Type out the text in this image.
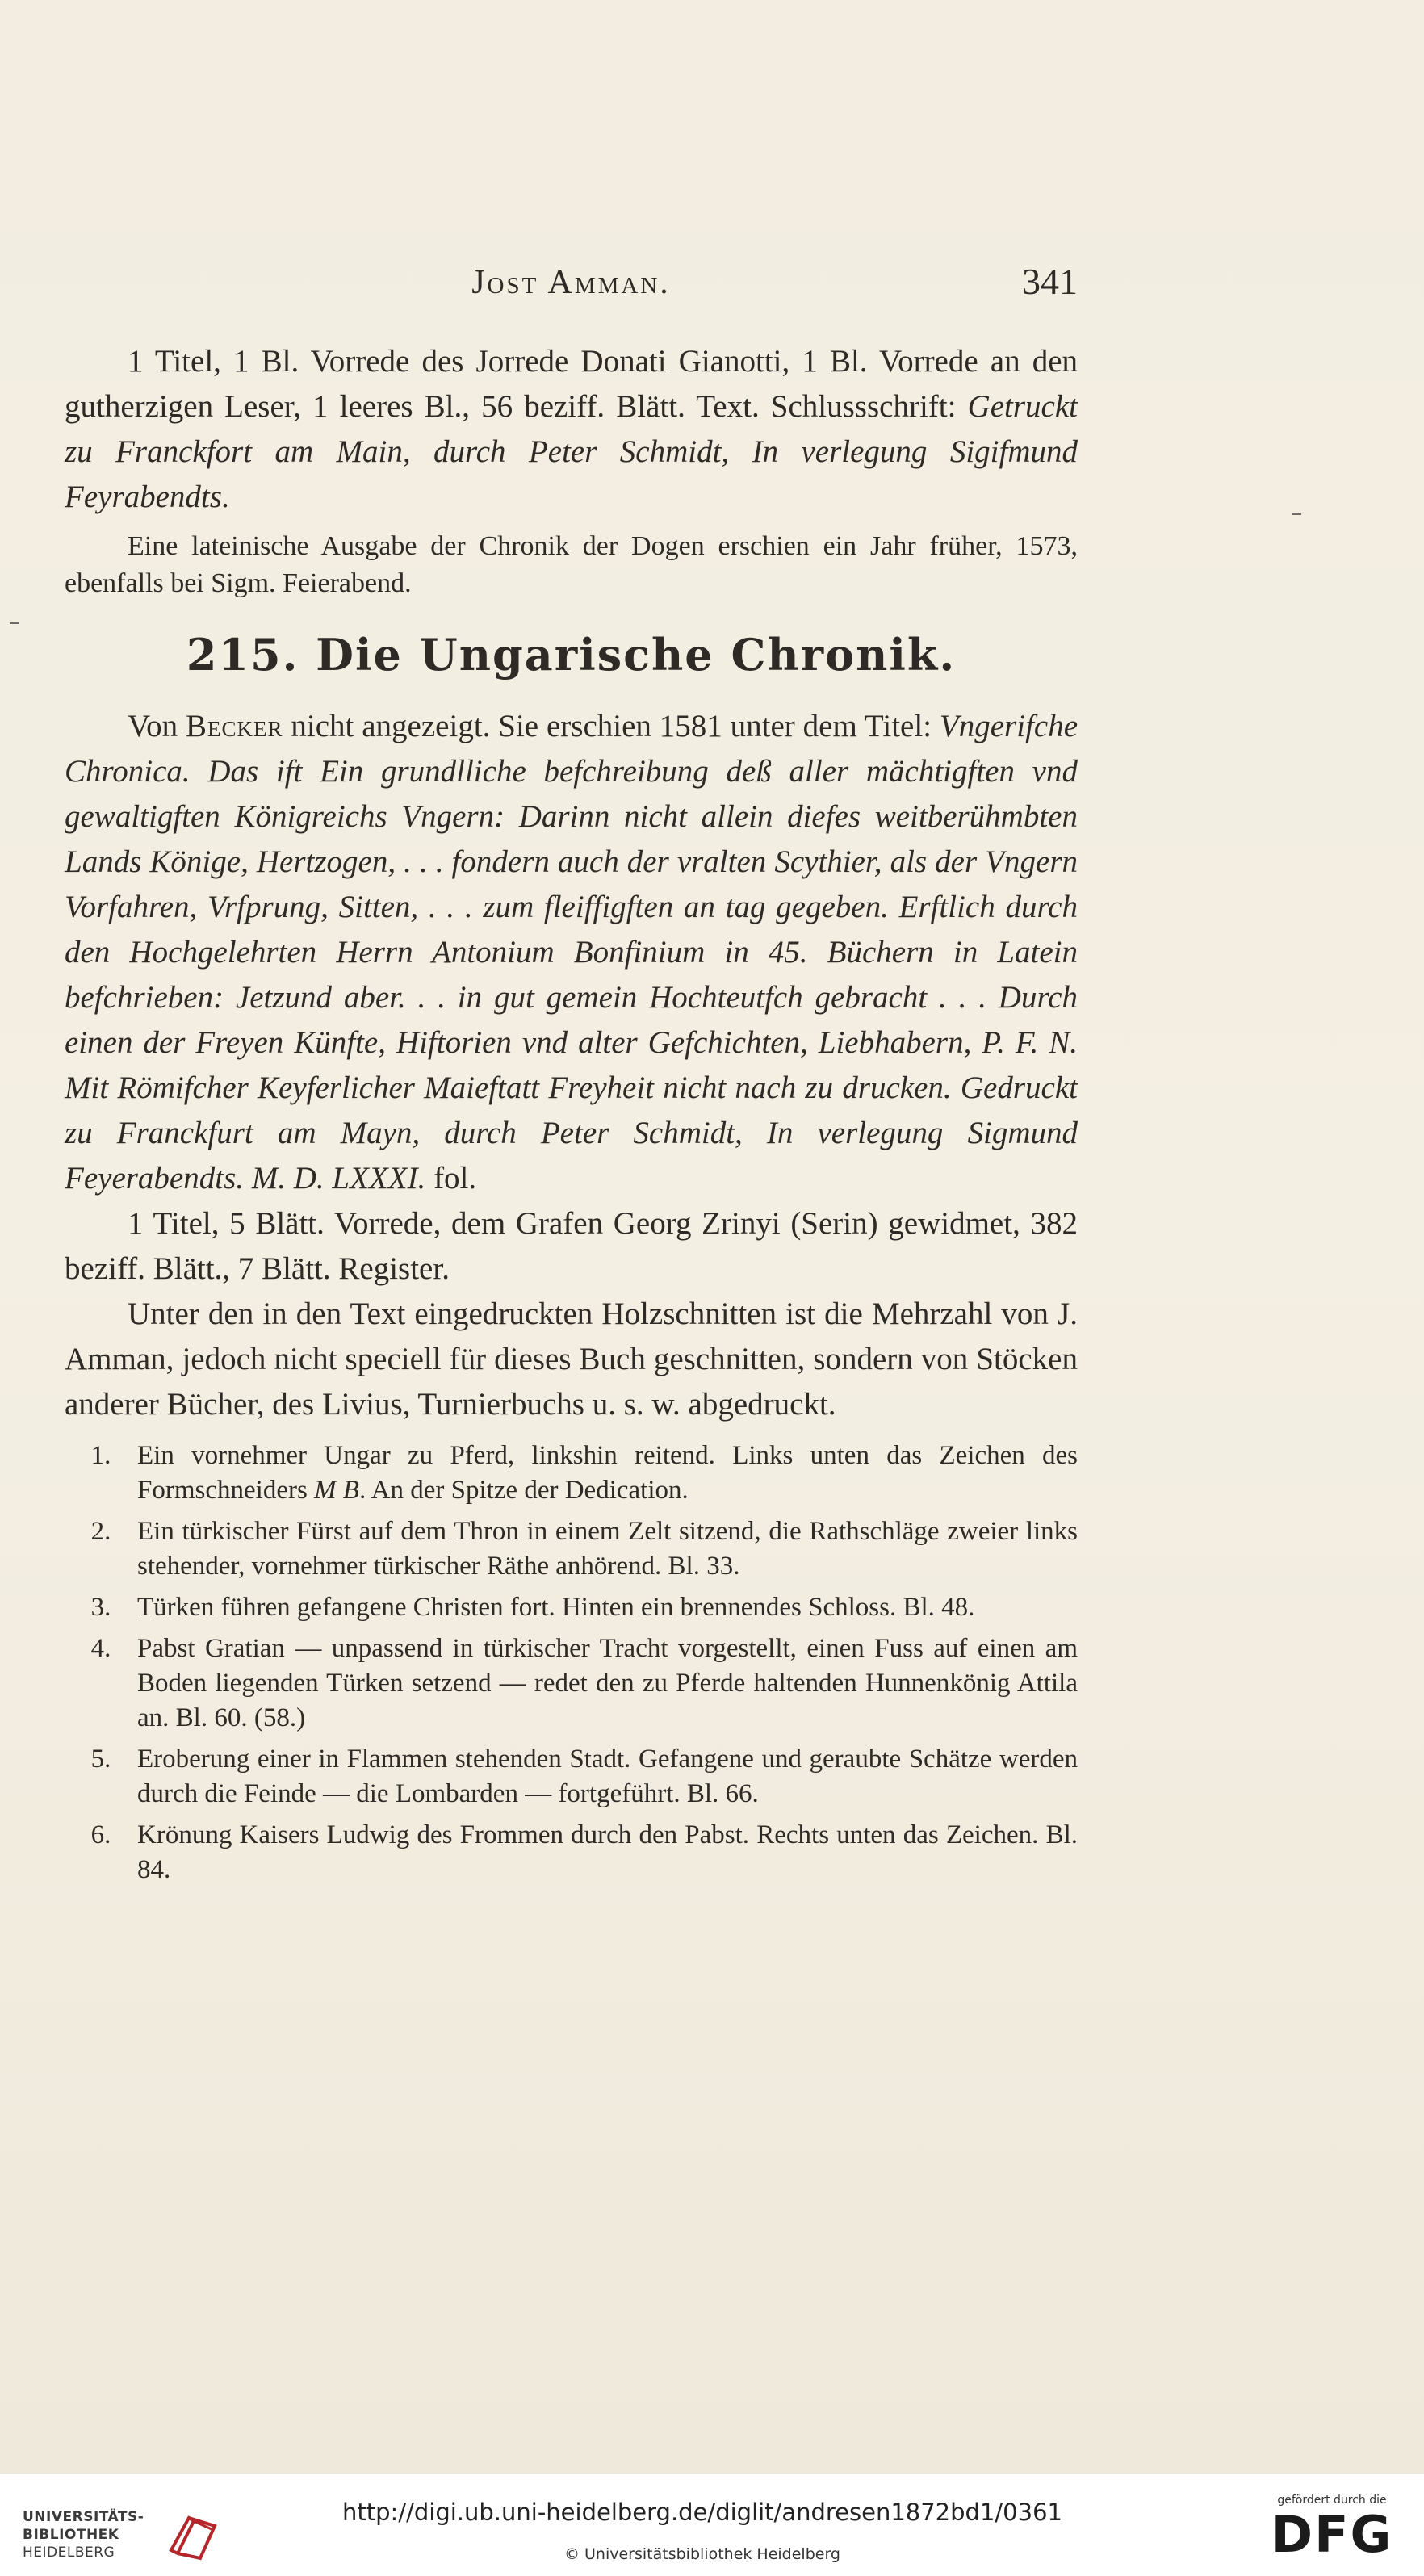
Jost Amman.	341

1 Titel, 1 Bl. Vorrede des Jorrede Donati Gianotti, 1 Bl. Vorrede an den gutherzigen Leser, 1 leeres Bl., 56 beziff. Blätt. Text. Schlussschrift: Getruckt zu Franckfort am Main, durch Peter Schmidt, In verlegung Sigifmund Feyrabendts.

Eine lateinische Ausgabe der Chronik der Dogen erschien ein Jahr früher, 1573, ebenfalls bei Sigm. Feierabend.

215. Die Ungarische Chronik.

Von Becker nicht angezeigt. Sie erschien 1581 unter dem Titel: Vngerifche Chronica. Das ift Ein grundlliche befchreibung deß aller mächtigften vnd gewaltigften Königreichs Vngern: Darinn nicht allein diefes weitberühmbten Lands Könige, Hertzogen, . . . fondern auch der vralten Scythier, als der Vngern Vorfahren, Vrfprung, Sitten, . . . zum fleiffigften an tag gegeben. Erftlich durch den Hochgelehrten Herrn Antonium Bonfinium in 45. Büchern in Latein befchrieben: Jetzund aber. . . in gut gemein Hochteutfch gebracht . . . Durch einen der Freyen Künfte, Hiftorien vnd alter Gefchichten, Liebhabern, P. F. N. Mit Römifcher Keyferlicher Maieftatt Freyheit nicht nach zu drucken. Gedruckt zu Franckfurt am Mayn, durch Peter Schmidt, In verlegung Sigmund Feyerabendts. M. D. LXXXI. fol.

1 Titel, 5 Blätt. Vorrede, dem Grafen Georg Zrinyi (Serin) gewidmet, 382 beziff. Blätt., 7 Blätt. Register.

Unter den in den Text eingedruckten Holzschnitten ist die Mehrzahl von J. Amman, jedoch nicht speciell für dieses Buch geschnitten, sondern von Stöcken anderer Bücher, des Livius, Turnierbuchs u. s. w. abgedruckt.

1. Ein vornehmer Ungar zu Pferd, linkshin reitend. Links unten das Zeichen des Formschneiders M B. An der Spitze der Dedication.
2. Ein türkischer Fürst auf dem Thron in einem Zelt sitzend, die Rathschläge zweier links stehender, vornehmer türkischer Räthe anhörend. Bl. 33.
3. Türken führen gefangene Christen fort. Hinten ein brennendes Schloss. Bl. 48.
4. Pabst Gratian — unpassend in türkischer Tracht vorgestellt, einen Fuss auf einen am Boden liegenden Türken setzend — redet den zu Pferde haltenden Hunnenkönig Attila an. Bl. 60. (58.)
5. Eroberung einer in Flammen stehenden Stadt. Gefangene und geraubte Schätze werden durch die Feinde — die Lombarden — fortgeführt. Bl. 66.
6. Krönung Kaisers Ludwig des Frommen durch den Pabst. Rechts unten das Zeichen. Bl. 84.
UNIVERSITÄTS-
BIBLIOTHEK
HEIDELBERG
http://digi.ub.uni-heidelberg.de/diglit/andresen1872bd1/0361
© Universitätsbibliothek Heidelberg
gefördert durch die
DFG
